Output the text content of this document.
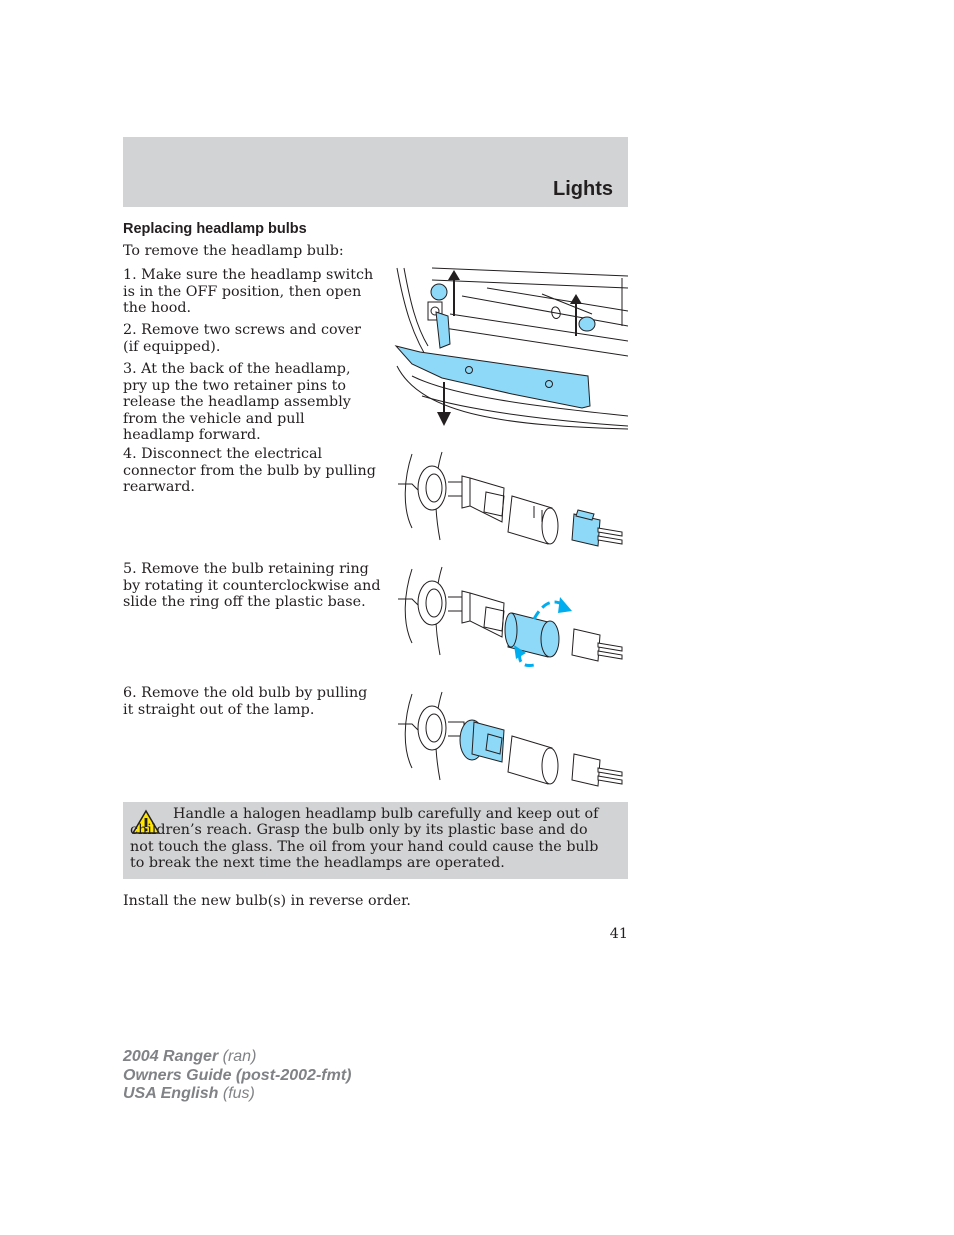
Lights
Replacing headlamp bulbs

To remove the headlamp bulb:

1. Make sure the headlamp switch is in the OFF position, then open the hood.

2. Remove two screws and cover (if equipped).

3. At the back of the headlamp, pry up the two retainer pins to release the headlamp assembly from the vehicle and pull headlamp forward.

4. Disconnect the electrical connector from the bulb by pulling rearward.

5. Remove the bulb retaining ring by rotating it counterclockwise and slide the ring off the plastic base.

6. Remove the old bulb by pulling it straight out of the lamp.

Handle a halogen headlamp bulb carefully and keep out of children’s reach. Grasp the bulb only by its plastic base and do not touch the glass. The oil from your hand could cause the bulb to break the next time the headlamps are operated.

Install the new bulb(s) in reverse order.

41
2004 Ranger (ran)
Owners Guide (post-2002-fmt)
USA English (fus)
